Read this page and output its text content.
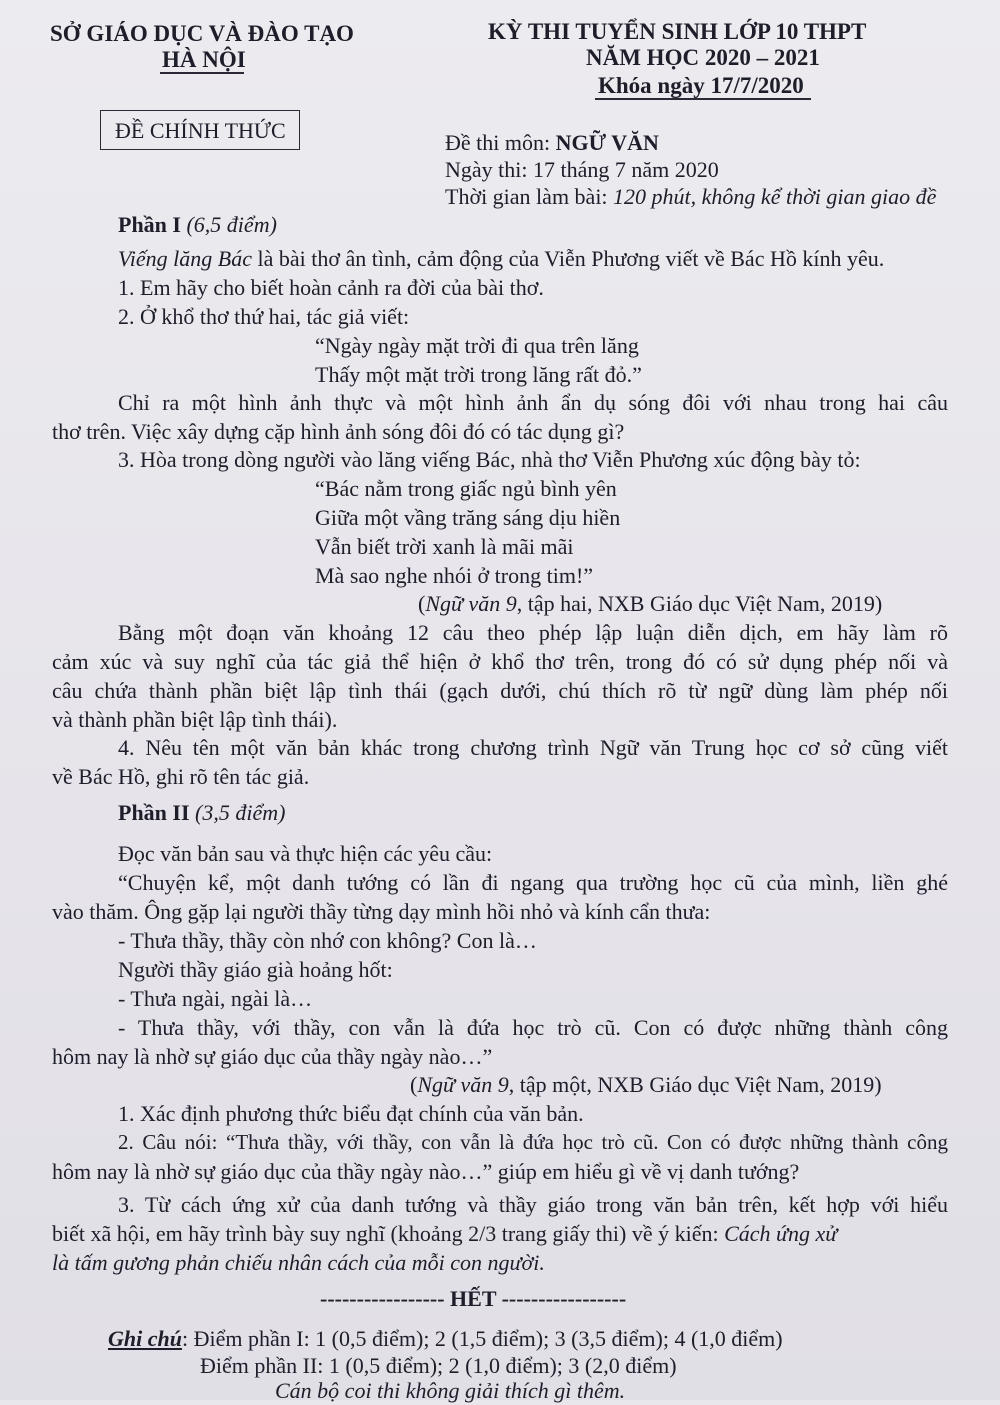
SỞ GIÁO DỤC VÀ ĐÀO TẠO
HÀ NỘI
KỲ THI TUYỂN SINH LỚP 10 THPT
NĂM HỌC 2020 – 2021
Khóa ngày 17/7/2020
ĐỀ CHÍNH THỨC	Đề thi môn: NGỮ VĂN
Ngày thi: 17 tháng 7 năm 2020
Thời gian làm bài: 120 phút, không kể thời gian giao đề
Phần I (6,5 điểm)
Viếng lăng Bác là bài thơ ân tình, cảm động của Viễn Phương viết về Bác Hồ kính yêu.
1. Em hãy cho biết hoàn cảnh ra đời của bài thơ.
2. Ở khổ thơ thứ hai, tác giả viết:
“Ngày ngày mặt trời đi qua trên lăng
Thấy một mặt trời trong lăng rất đỏ.”
Chỉ ra một hình ảnh thực và một hình ảnh ẩn dụ sóng đôi với nhau trong hai câu
thơ trên. Việc xây dựng cặp hình ảnh sóng đôi đó có tác dụng gì?
3. Hòa trong dòng người vào lăng viếng Bác, nhà thơ Viễn Phương xúc động bày tỏ:
“Bác nằm trong giấc ngủ bình yên
Giữa một vầng trăng sáng dịu hiền
Vẫn biết trời xanh là mãi mãi
Mà sao nghe nhói ở trong tim!”
(Ngữ văn 9, tập hai, NXB Giáo dục Việt Nam, 2019)
Bằng một đoạn văn khoảng 12 câu theo phép lập luận diễn dịch, em hãy làm rõ
cảm xúc và suy nghĩ của tác giả thể hiện ở khổ thơ trên, trong đó có sử dụng phép nối và
câu chứa thành phần biệt lập tình thái (gạch dưới, chú thích rõ từ ngữ dùng làm phép nối
và thành phần biệt lập tình thái).
4. Nêu tên một văn bản khác trong chương trình Ngữ văn Trung học cơ sở cũng viết
về Bác Hồ, ghi rõ tên tác giả.
Phần II (3,5 điểm)
Đọc văn bản sau và thực hiện các yêu cầu:
“Chuyện kể, một danh tướng có lần đi ngang qua trường học cũ của mình, liền ghé
vào thăm. Ông gặp lại người thầy từng dạy mình hồi nhỏ và kính cẩn thưa:
- Thưa thầy, thầy còn nhớ con không? Con là…
Người thầy giáo già hoảng hốt:
- Thưa ngài, ngài là…
- Thưa thầy, với thầy, con vẫn là đứa học trò cũ. Con có được những thành công
hôm nay là nhờ sự giáo dục của thầy ngày nào…”
(Ngữ văn 9, tập một, NXB Giáo dục Việt Nam, 2019)
1. Xác định phương thức biểu đạt chính của văn bản.
2. Câu nói: “Thưa thầy, với thầy, con vẫn là đứa học trò cũ. Con có được những thành công
hôm nay là nhờ sự giáo dục của thầy ngày nào…” giúp em hiểu gì về vị danh tướng?
3. Từ cách ứng xử của danh tướng và thầy giáo trong văn bản trên, kết hợp với hiểu
biết xã hội, em hãy trình bày suy nghĩ (khoảng 2/3 trang giấy thi) về ý kiến: Cách ứng xử
là tấm gương phản chiếu nhân cách của mỗi con người.
----------------- HẾT -----------------
Ghi chú: Điểm phần I: 1 (0,5 điểm); 2 (1,5 điểm); 3 (3,5 điểm); 4 (1,0 điểm)
Điểm phần II: 1 (0,5 điểm); 2 (1,0 điểm); 3 (2,0 điểm)
Cán bộ coi thi không giải thích gì thêm.
